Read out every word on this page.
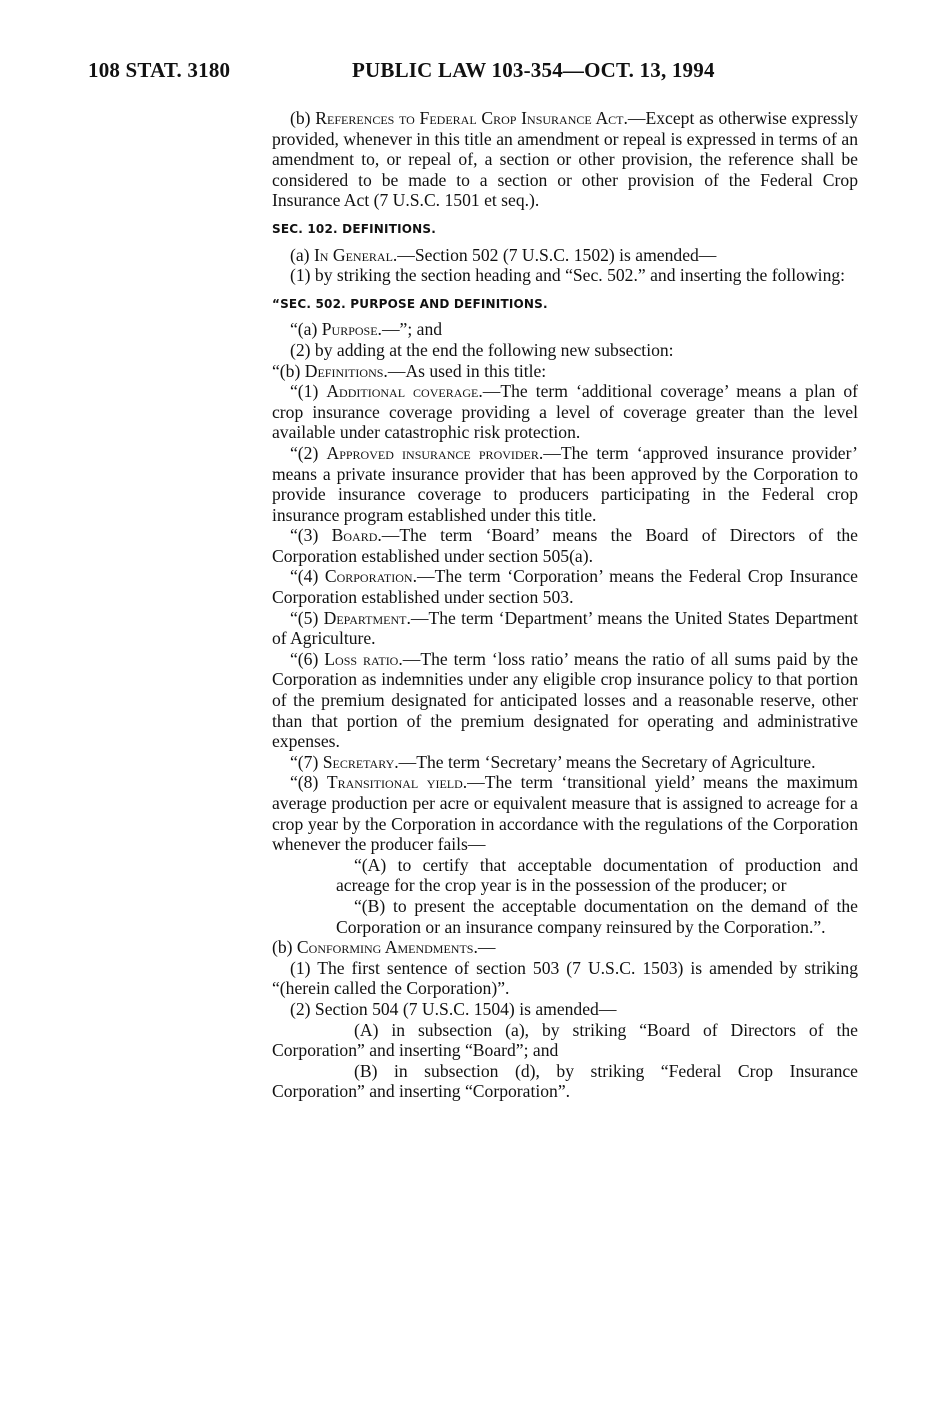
108 STAT. 3180	PUBLIC LAW 103-354—OCT. 13, 1994

(b) References to Federal Crop Insurance Act.—Except as otherwise expressly provided, whenever in this title an amendment or repeal is expressed in terms of an amendment to, or repeal of, a section or other provision, the reference shall be considered to be made to a section or other provision of the Federal Crop Insurance Act (7 U.S.C. 1501 et seq.).

SEC. 102. DEFINITIONS.

(a) In General.—Section 502 (7 U.S.C. 1502) is amended—

(1) by striking the section heading and “Sec. 502.” and inserting the following:

“SEC. 502. PURPOSE AND DEFINITIONS.

“(a) Purpose.—”; and

(2) by adding at the end the following new subsection:

“(b) Definitions.—As used in this title:

“(1) Additional coverage.—The term ‘additional coverage’ means a plan of crop insurance coverage providing a level of coverage greater than the level available under catastrophic risk protection.

“(2) Approved insurance provider.—The term ‘approved insurance provider’ means a private insurance provider that has been approved by the Corporation to provide insurance coverage to producers participating in the Federal crop insurance program established under this title.

“(3) Board.—The term ‘Board’ means the Board of Directors of the Corporation established under section 505(a).

“(4) Corporation.—The term ‘Corporation’ means the Federal Crop Insurance Corporation established under section 503.

“(5) Department.—The term ‘Department’ means the United States Department of Agriculture.

“(6) Loss ratio.—The term ‘loss ratio’ means the ratio of all sums paid by the Corporation as indemnities under any eligible crop insurance policy to that portion of the premium designated for anticipated losses and a reasonable reserve, other than that portion of the premium designated for operating and administrative expenses.

“(7) Secretary.—The term ‘Secretary’ means the Secretary of Agriculture.

“(8) Transitional yield.—The term ‘transitional yield’ means the maximum average production per acre or equivalent measure that is assigned to acreage for a crop year by the Corporation in accordance with the regulations of the Corporation whenever the producer fails—

“(A) to certify that acceptable documentation of production and acreage for the crop year is in the possession of the producer; or

“(B) to present the acceptable documentation on the demand of the Corporation or an insurance company reinsured by the Corporation.”.

(b) Conforming Amendments.—

(1) The first sentence of section 503 (7 U.S.C. 1503) is amended by striking “(herein called the Corporation)”.

(2) Section 504 (7 U.S.C. 1504) is amended—

(A) in subsection (a), by striking “Board of Directors of the Corporation” and inserting “Board”; and

(B) in subsection (d), by striking “Federal Crop Insurance Corporation” and inserting “Corporation”.
